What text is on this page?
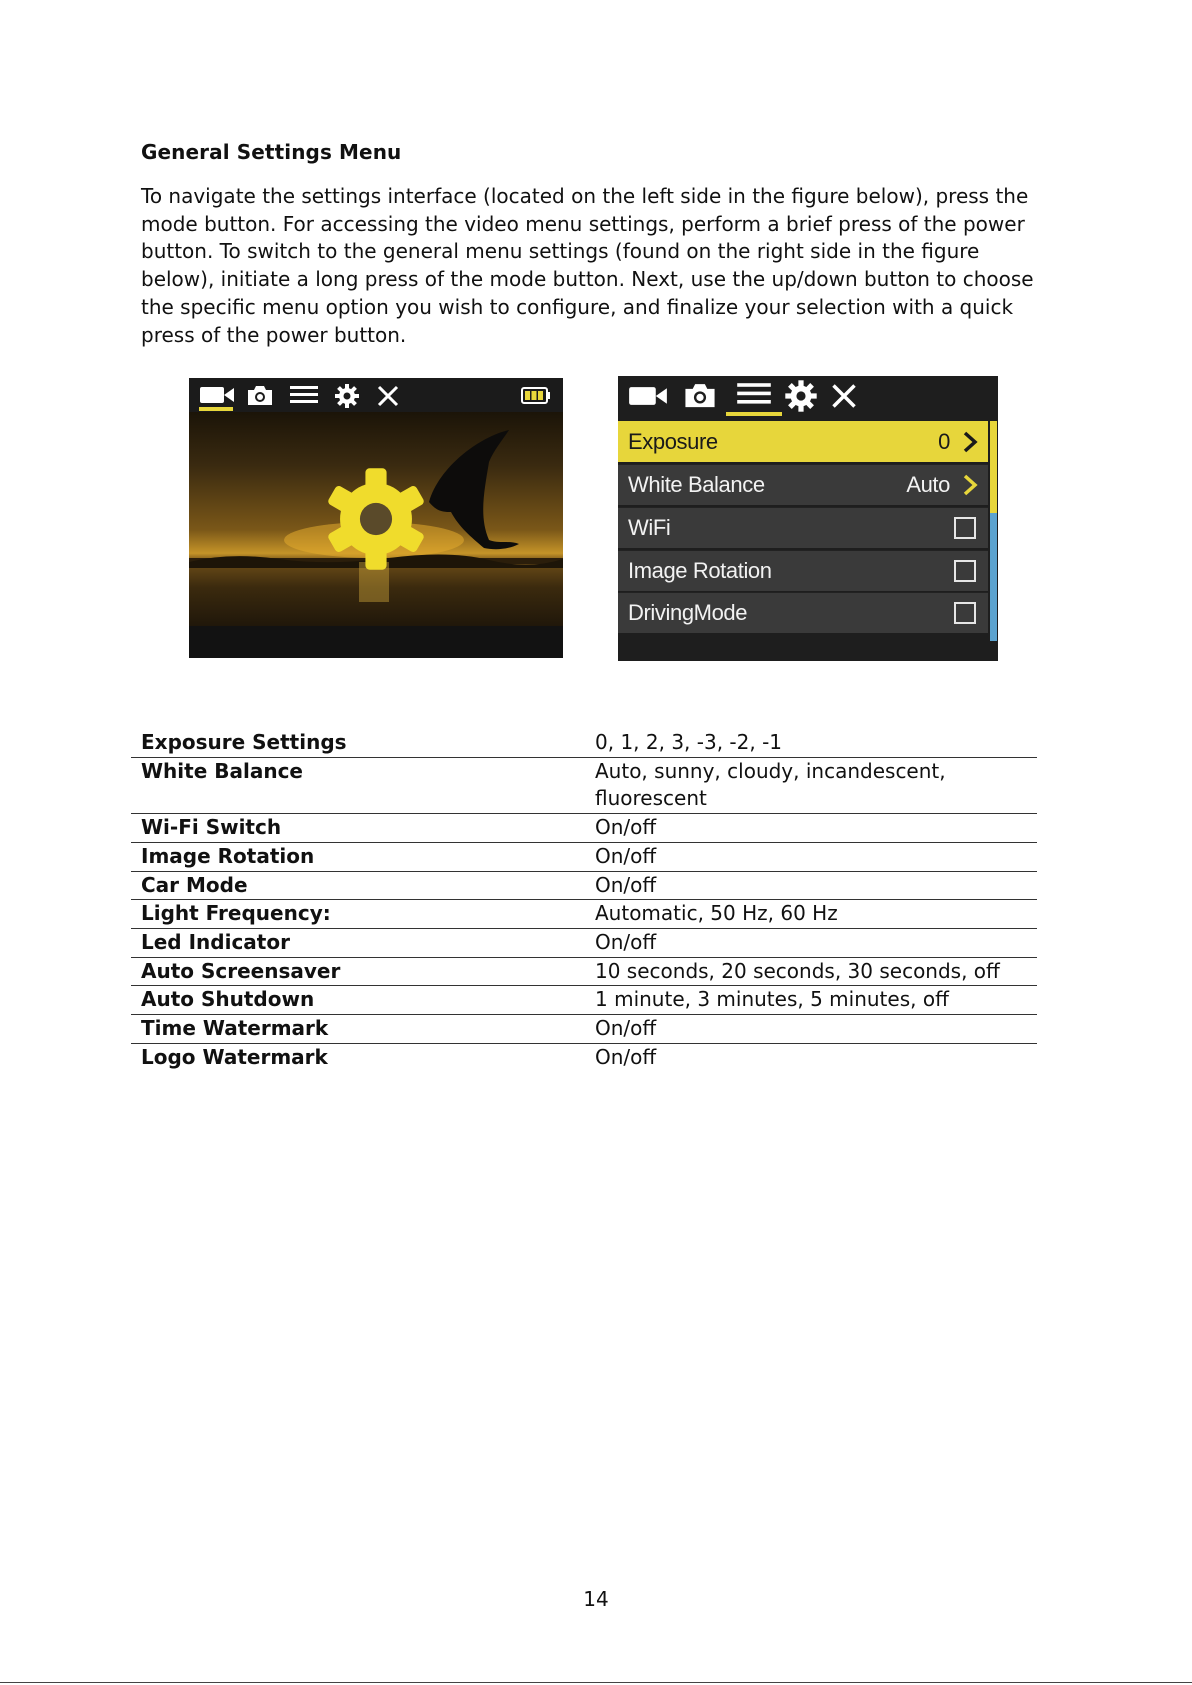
General Settings Menu

To navigate the settings interface (located on the left side in the figure below), press the
mode button. For accessing the video menu settings, perform a brief press of the power
button. To switch to the general menu settings (found on the right side in the figure
below), initiate a long press of the mode button. Next, use the up/down button to choose
the specific menu option you wish to configure, and finalize your selection with a quick
press of the power button.

Exposure	0
White Balance	Auto
WiFi
Image Rotation
DrivingMode
Exposure Settings	0, 1, 2, 3, -3, -2, -1
White Balance	Auto, sunny, cloudy, incandescent, fluorescent
Wi-Fi Switch	On/off
Image Rotation	On/off
Car Mode	On/off
Light Frequency:	Automatic, 50 Hz, 60 Hz
Led Indicator	On/off
Auto Screensaver	10 seconds, 20 seconds, 30 seconds, off
Auto Shutdown	1 minute, 3 minutes, 5 minutes, off
Time Watermark	On/off
Logo Watermark	On/off
14
